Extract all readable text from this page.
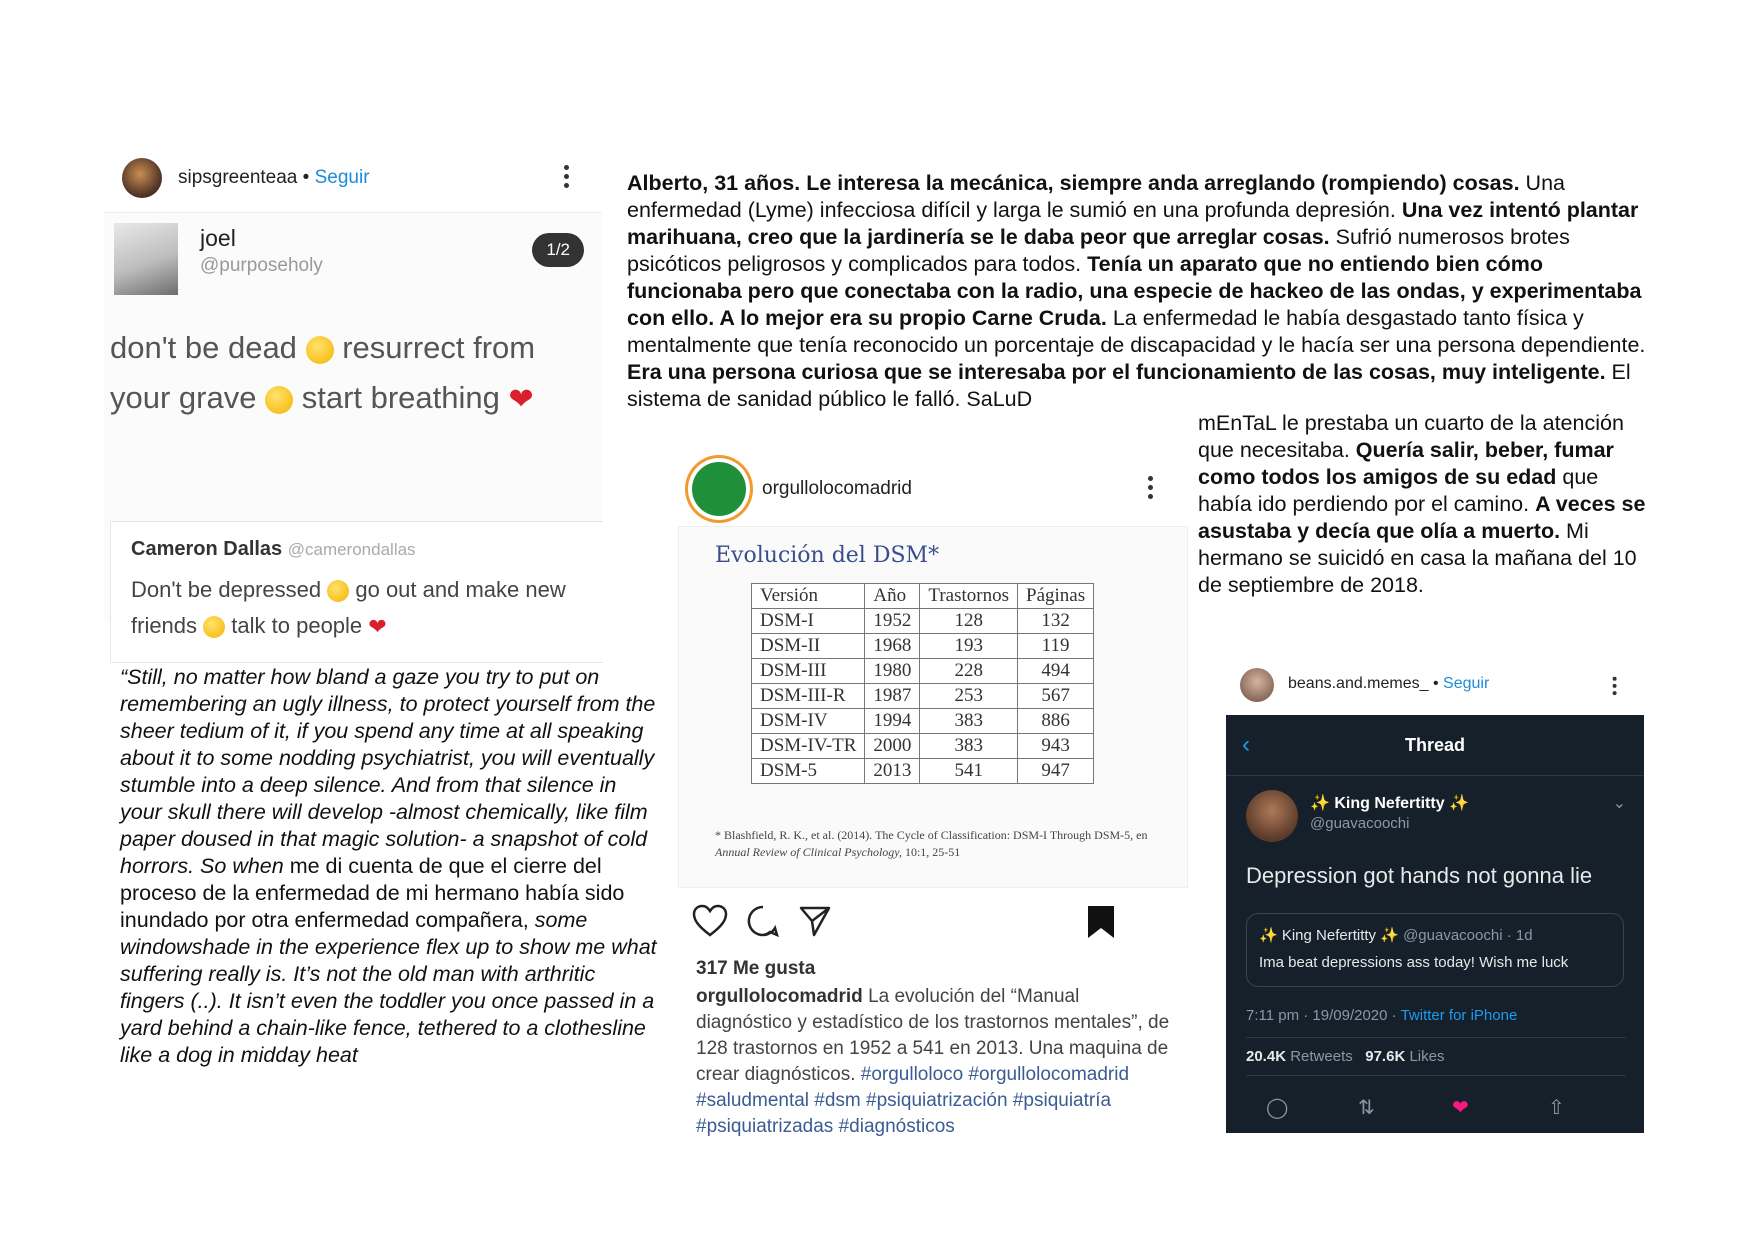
sipsgreenteaa • Seguir
joel
@purposeholy
1/2
don't be dead resurrect from your grave start breathing ❤
Cameron Dallas @camerondallas
Don't be depressed go out and make new friends talk to people ❤
“Still, no matter how bland a gaze you try to put on remembering an ugly illness, to protect yourself from the sheer tedium of it, if you spend any time at all speaking about it to some nodding psychiatrist, you will eventually stumble into a deep silence. And from that silence in your skull there will develop -almost chemically, like film paper doused in that magic solution- a snapshot of cold horrors. So when me di cuenta de que el cierre del proceso de la enfermedad de mi hermano había sido inundado por otra enfermedad compañera, some windowshade in the experience flex up to show me what suffering really is. It’s not the old man with arthritic fingers (..). It isn’t even the toddler you once passed in a yard behind a chain-like fence, tethered to a clothesline like a dog in midday heat
Alberto, 31 años. Le interesa la mecánica, siempre anda arreglando (rompiendo) cosas. Una enfermedad (Lyme) infecciosa difícil y larga le sumió en una profunda depresión. Una vez intentó plantar marihuana, creo que la jardinería se le daba peor que arreglar cosas. Sufrió numerosos brotes psicóticos peligrosos y complicados para todos. Tenía un aparato que no entiendo bien cómo funcionaba pero que conectaba con la radio, una especie de hackeo de las ondas, y experimentaba con ello. A lo mejor era su propio Carne Cruda. La enfermedad le había desgastado tanto física y mentalmente que tenía reconocido un porcentaje de discapacidad y le hacía ser una persona dependiente. Era una persona curiosa que se interesaba por el funcionamiento de las cosas, muy inteligente. El sistema de sanidad público le falló. SaLuD
mEnTaL le prestaba un cuarto de la atención que necesitaba. Quería salir, beber, fumar como todos los amigos de su edad que había ido perdiendo por el camino. A veces se asustaba y decía que olía a muerto. Mi hermano se suicidó en casa la mañana del 10 de septiembre de 2018.
orgullolocomadrid
Evolución del DSM*
Versión	Año	Trastornos	Páginas
DSM-I	1952	128	132
DSM-II	1968	193	119
DSM-III	1980	228	494
DSM-III-R	1987	253	567
DSM-IV	1994	383	886
DSM-IV-TR	2000	383	943
DSM-5	2013	541	947
* Blashfield, R. K., et al. (2014). The Cycle of Classification: DSM-I Through DSM-5, en Annual Review of Clinical Psychology, 10:1, 25-51
317 Me gusta
orgullolocomadrid La evolución del “Manual diagnóstico y estadístico de los trastornos mentales”, de 128 trastornos en 1952 a 541 en 2013. Una maquina de crear diagnósticos. #orgulloloco #orgullolocomadrid #saludmental #dsm #psiquiatrización #psiquiatría #psiquiatrizadas #diagnósticos
beans.and.memes_ • Seguir
‹	Thread
✨ King Nefertitty ✨
@guavacoochi
⌄
Depression got hands not gonna lie
✨ King Nefertitty ✨ @guavacoochi · 1d
Ima beat depressions ass today! Wish me luck
7:11 pm · 19/09/2020 · Twitter for iPhone
20.4K Retweets 97.6K Likes
◯	⇅	❤	⇧
